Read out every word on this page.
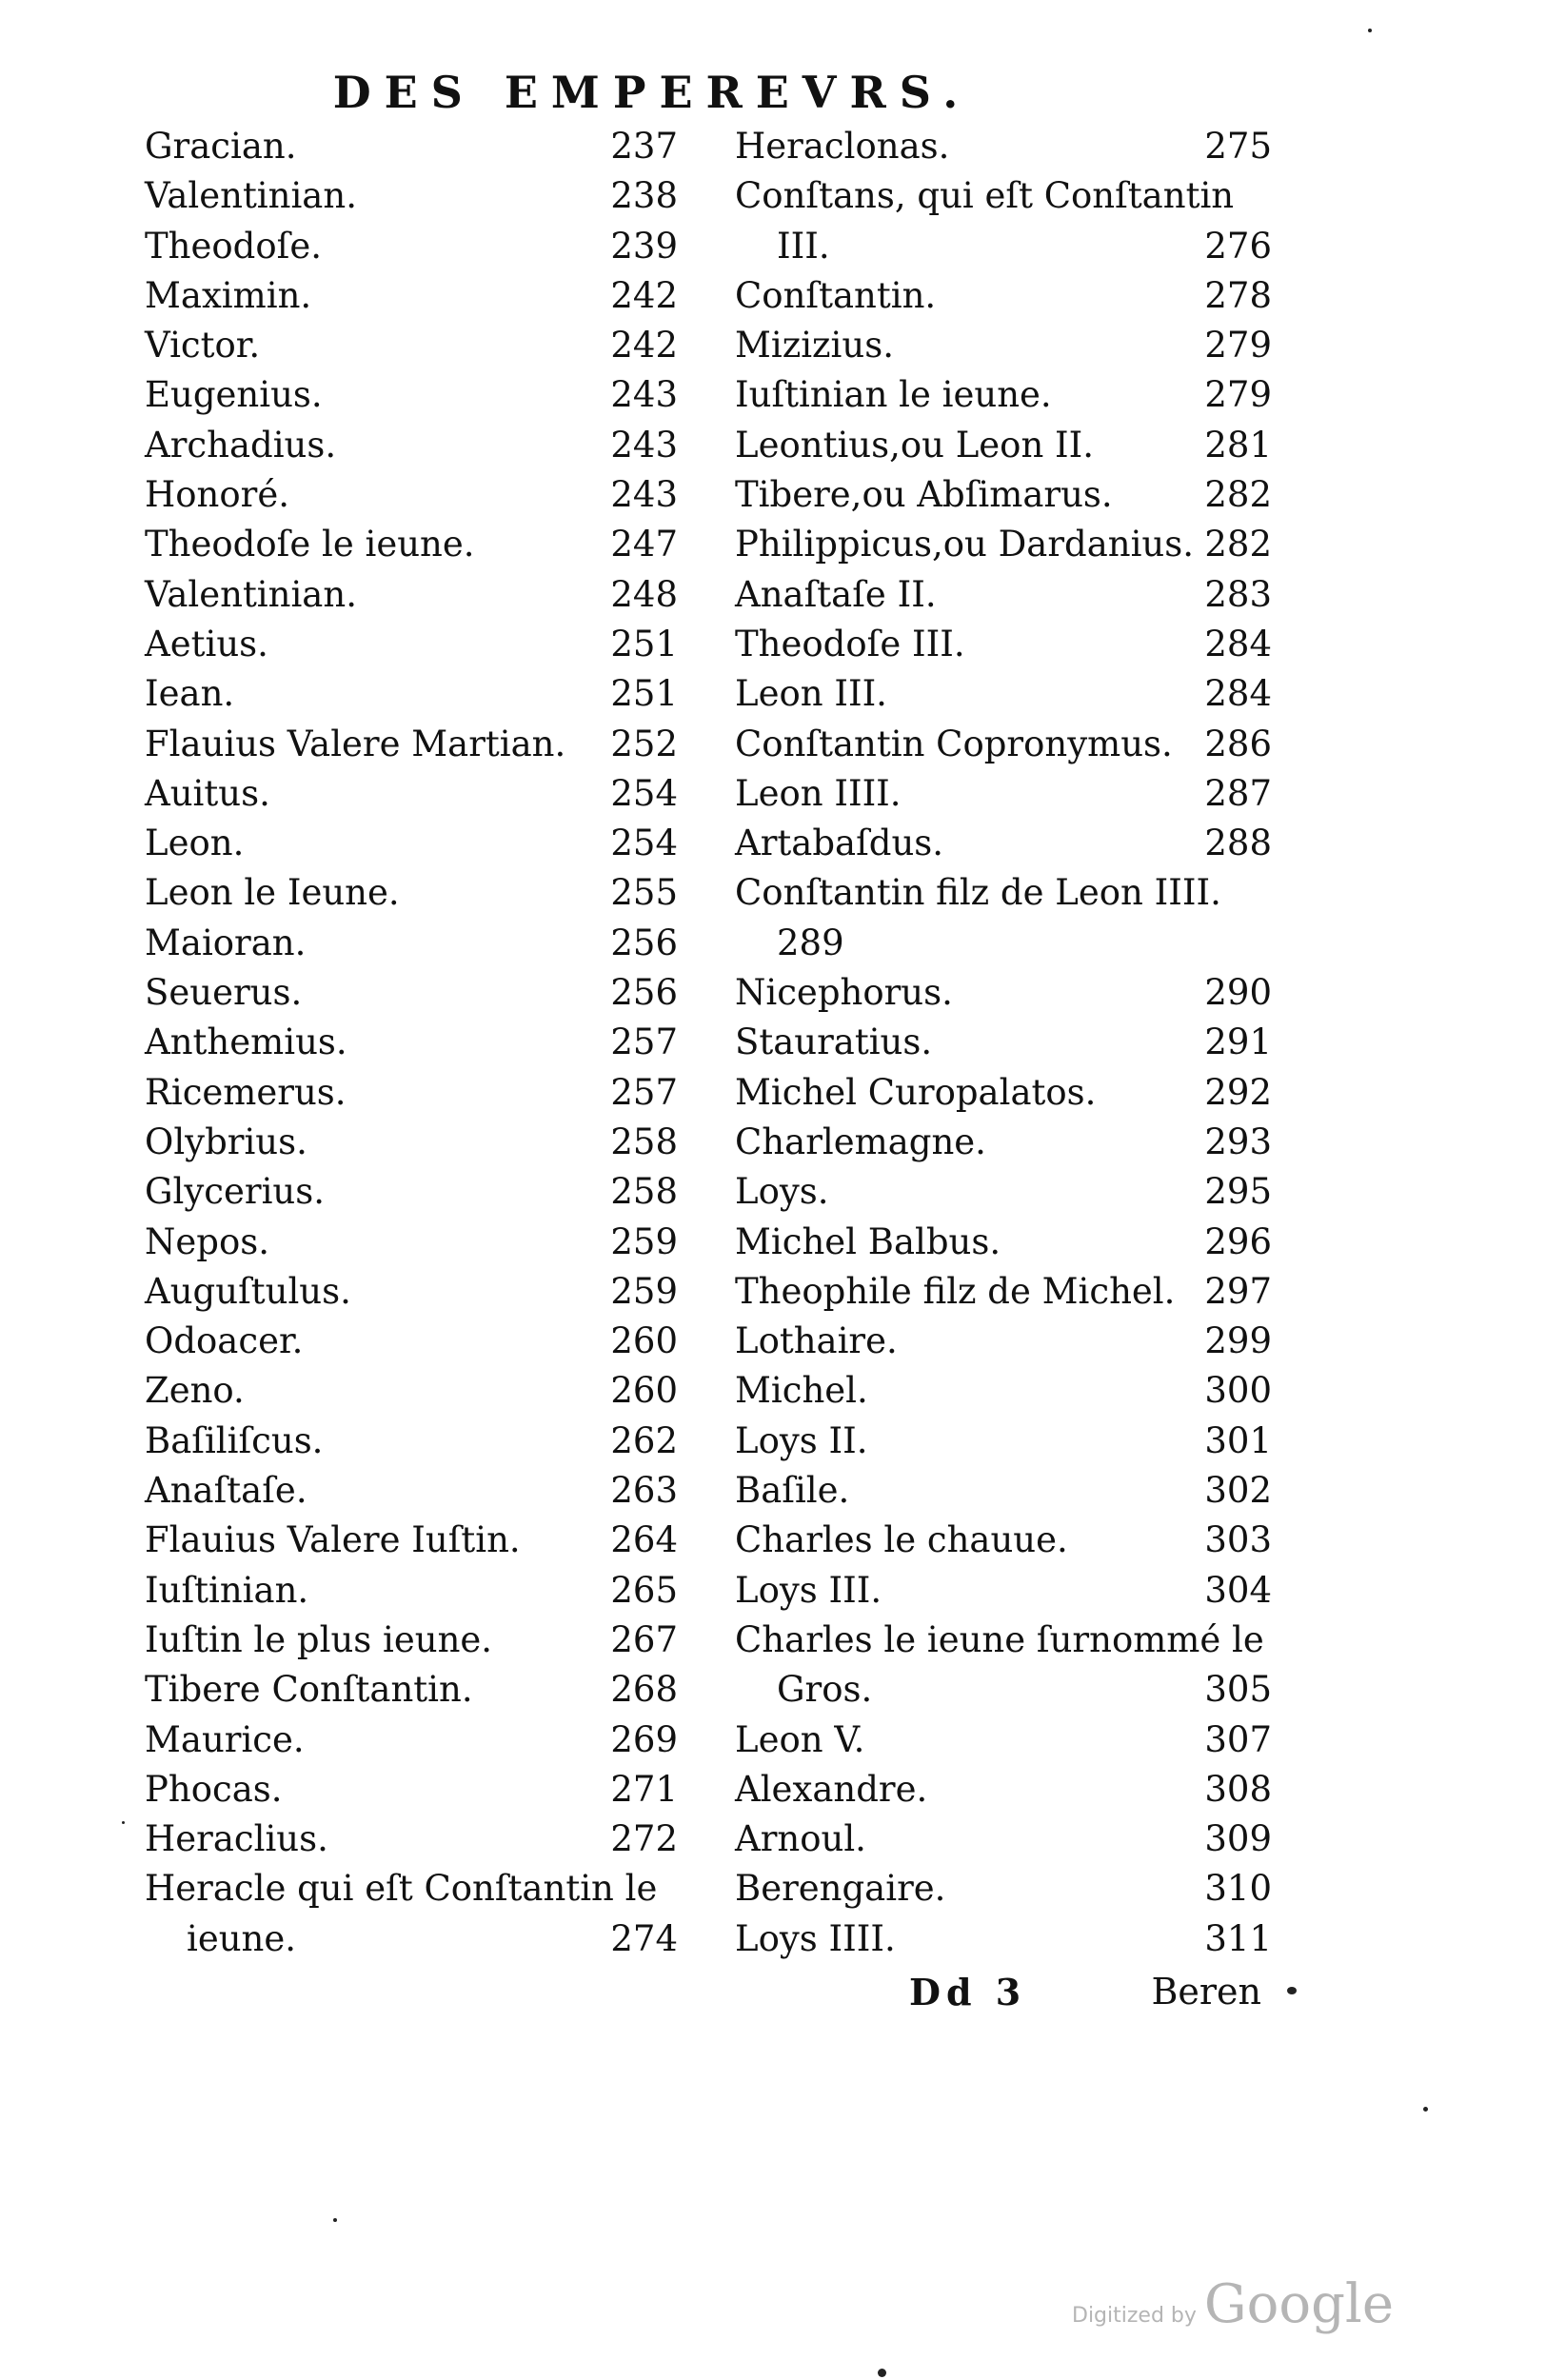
DES EMPEREVRS.
Gracian.	237
Valentinian.	238
Theodoſe.	239
Maximin.	242
Victor.	242
Eugenius.	243
Archadius.	243
Honoré.	243
Theodoſe le ieune.	247
Valentinian.	248
Aetius.	251
Iean.	251
Flauius Valere Martian. 252
Auitus.	254
Leon.	254
Leon le Ieune.	255
Maioran.	256
Seuerus.	256
Anthemius.	257
Ricemerus.	257
Olybrius.	258
Glycerius.	258
Nepos.	259
Auguſtulus.	259
Odoacer.	260
Zeno.	260
Baſiliſcus.	262
Anaſtaſe.	263
Flauius Valere Iuſtin.	264
Iuſtinian.	265
Iuſtin le plus ieune.	267
Tibere Conſtantin.	268
Maurice.	269
Phocas.	271
Heraclius.	272
Heracle qui eſt Conſtantin le
ieune.	274
Heraclonas.	275
Conſtans, qui eſt Conſtantin
III.	276
Conſtantin.	278
Mizizius.	279
Iuſtinian le ieune.	279
Leontius,ou Leon II.	281
Tibere,ou Abſimarus.	282
Philippicus,ou Dardanius. 282
Anaſtaſe II.	283
Theodoſe III.	284
Leon III.	284
Conſtantin Copronymus. 286
Leon IIII.	287
Artabaſdus.	288
Conſtantin filz de Leon IIII.
289
Nicephorus.	290
Stauratius.	291
Michel Curopalatos.	292
Charlemagne.	293
Loys.	295
Michel Balbus.	296
Theophile filz de Michel. 297
Lothaire.	299
Michel.	300
Loys II.	301
Baſile.	302
Charles le chauue.	303
Loys III.	304
Charles le ieune ſurnommé le
Gros.	305
Leon V.	307
Alexandre.	308
Arnoul.	309
Berengaire.	310
Loys IIII.	311
Dd 3	Beren
Digitized by Google
